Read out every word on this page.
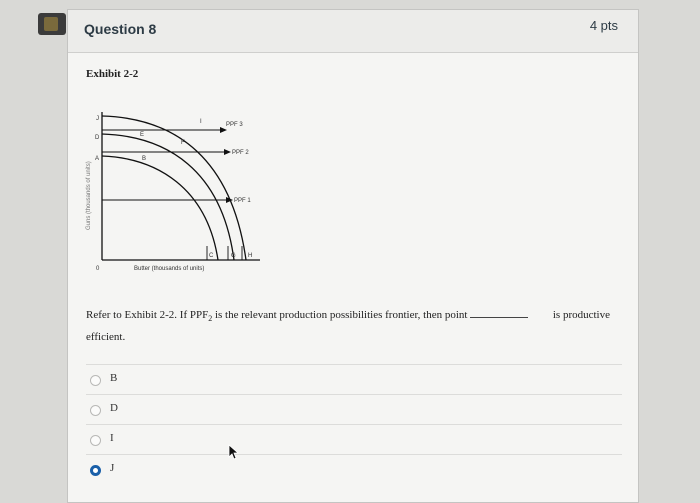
Question 8	4 pts
Exhibit 2-2
J
D
A
E
B
I
F
C	G H
PPF 3
PPF 2
PPF 1
0	Butter (thousands of units)
Guns (thousands of units)
Refer to Exhibit 2-2. If $PPF_2$ is the relevant production possibilities frontier, then point	is productive

efficient.
B
D
I
J
